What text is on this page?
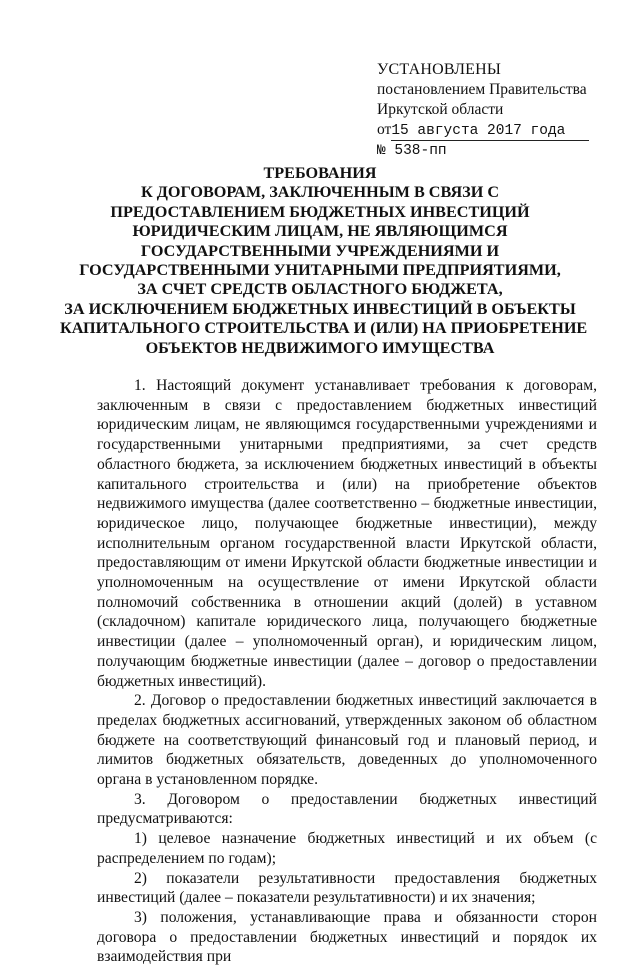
УСТАНОВЛЕНЫ
постановлением Правительства
Иркутской области
от15 августа 2017 года
№ 538-пп
ТРЕБОВАНИЯ
К ДОГОВОРАМ, ЗАКЛЮЧЕННЫМ В СВЯЗИ С
ПРЕДОСТАВЛЕНИЕМ БЮДЖЕТНЫХ ИНВЕСТИЦИЙ
ЮРИДИЧЕСКИМ ЛИЦАМ, НЕ ЯВЛЯЮЩИМСЯ
ГОСУДАРСТВЕННЫМИ УЧРЕЖДЕНИЯМИ И
ГОСУДАРСТВЕННЫМИ УНИТАРНЫМИ ПРЕДПРИЯТИЯМИ,
ЗА СЧЕТ СРЕДСТВ ОБЛАСТНОГО БЮДЖЕТА,
ЗА ИСКЛЮЧЕНИЕМ БЮДЖЕТНЫХ ИНВЕСТИЦИЙ В ОБЪЕКТЫ
КАПИТАЛЬНОГО СТРОИТЕЛЬСТВА И (ИЛИ) НА ПРИОБРЕТЕНИЕ
ОБЪЕКТОВ НЕДВИЖИМОГО ИМУЩЕСТВА

1. Настоящий документ устанавливает требования к договорам, заключенным в связи с предоставлением бюджетных инвестиций юридическим лицам, не являющимся государственными учреждениями и государственными унитарными предприятиями, за счет средств областного бюджета, за исключением бюджетных инвестиций в объекты капитального строительства и (или) на приобретение объектов недвижимого имущества (далее соответственно – бюджетные инвестиции, юридическое лицо, получающее бюджетные инвестиции), между исполнительным органом государственной власти Иркутской области, предоставляющим от имени Иркутской области бюджетные инвестиции и уполномоченным на осуществление от имени Иркутской области полномочий собственника в отношении акций (долей) в уставном (складочном) капитале юридического лица, получающего бюджетные инвестиции (далее – уполномоченный орган), и юридическим лицом, получающим бюджетные инвестиции (далее – договор о предоставлении бюджетных инвестиций).

2. Договор о предоставлении бюджетных инвестиций заключается в пределах бюджетных ассигнований, утвержденных законом об областном бюджете на соответствующий финансовый год и плановый период, и лимитов бюджетных обязательств, доведенных до уполномоченного органа в установленном порядке.

3. Договором о предоставлении бюджетных инвестиций предусматриваются:

1) целевое назначение бюджетных инвестиций и их объем (с распределением по годам);

2) показатели результативности предоставления бюджетных инвестиций (далее – показатели результативности) и их значения;

3) положения, устанавливающие права и обязанности сторон договора о предоставлении бюджетных инвестиций и порядок их взаимодействия при
